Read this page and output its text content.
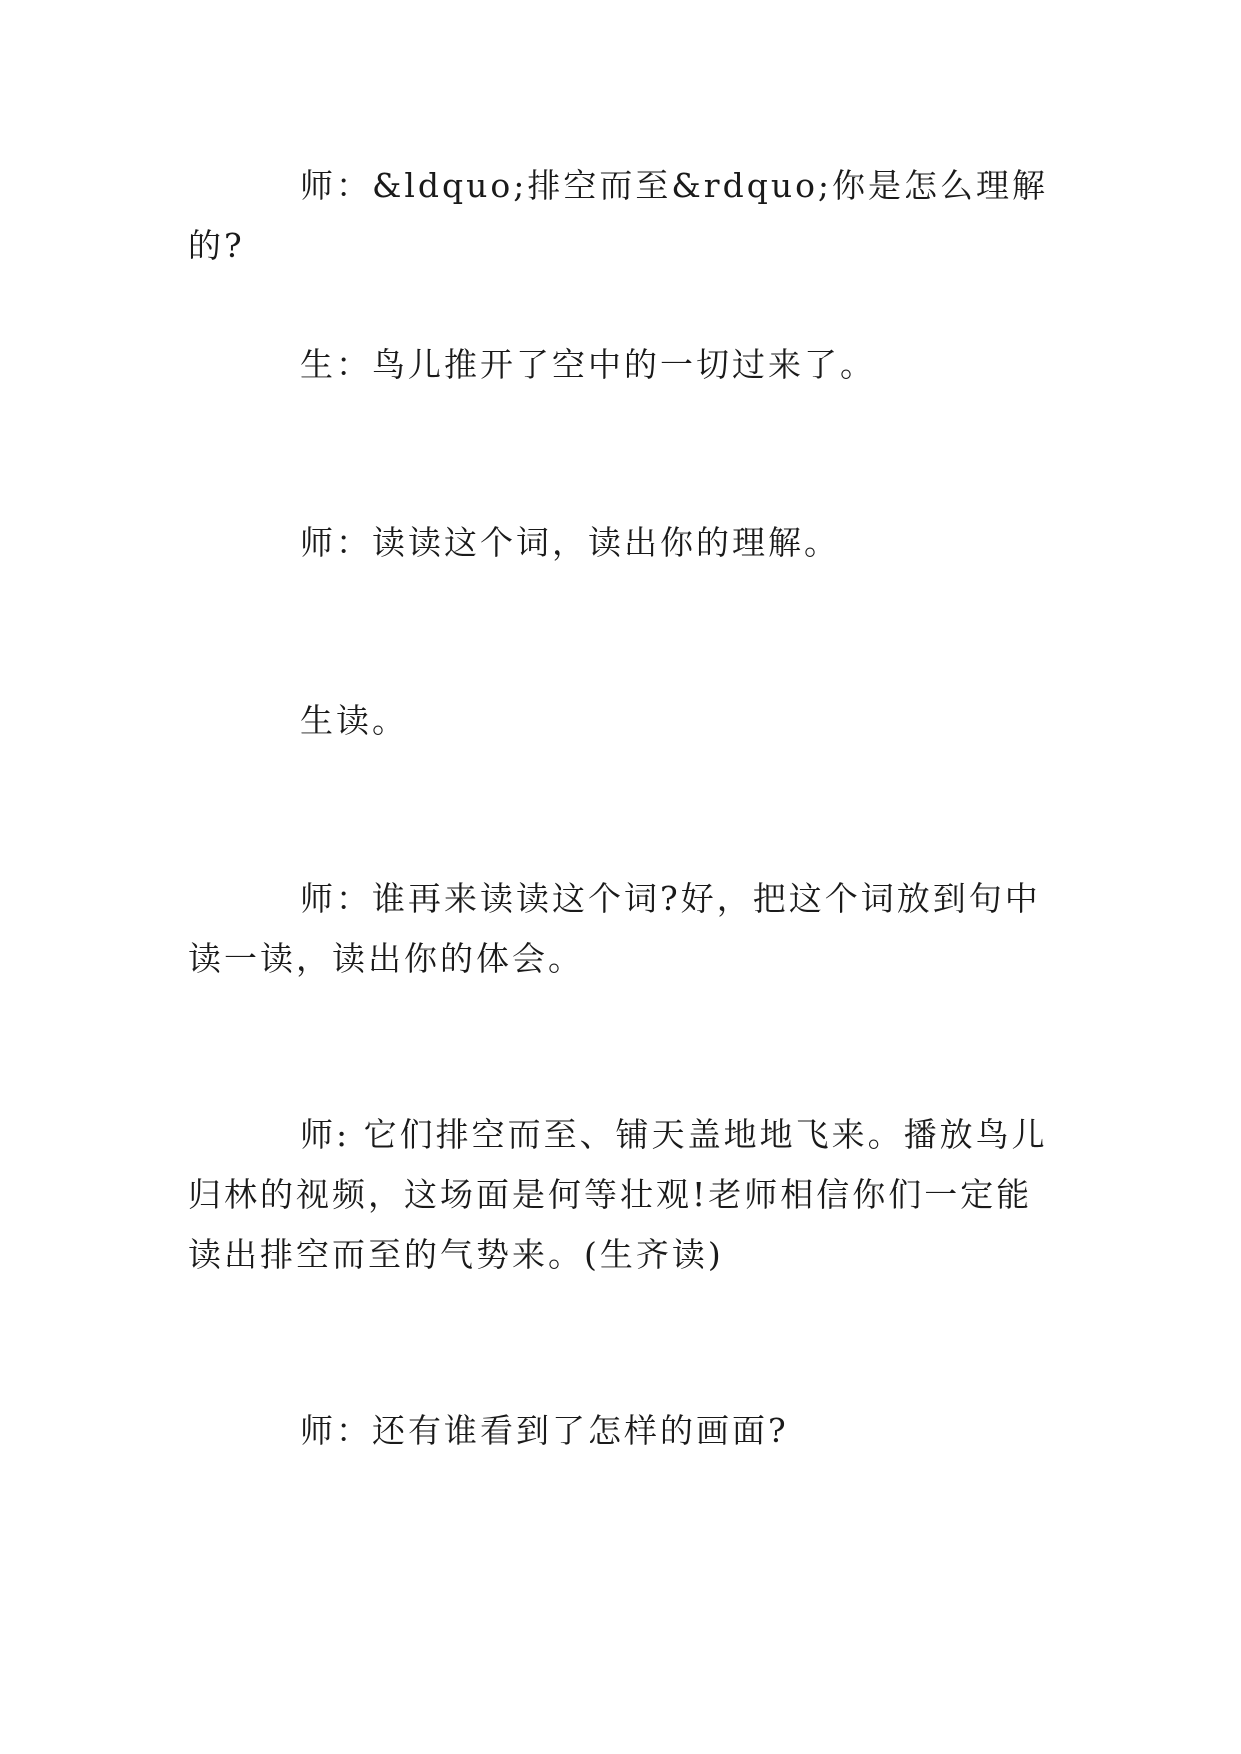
师：&ldquo;排空而至&rdquo;你是怎么理解的?

生：鸟儿推开了空中的一切过来了。

师：读读这个词，读出你的理解。

生读。

师：谁再来读读这个词?好，把这个词放到句中读一读，读出你的体会。

师: 它们排空而至、铺天盖地地飞来。播放鸟儿归林的视频，这场面是何等壮观!老师相信你们一定能读出排空而至的气势来。(生齐读)

师：还有谁看到了怎样的画面?
